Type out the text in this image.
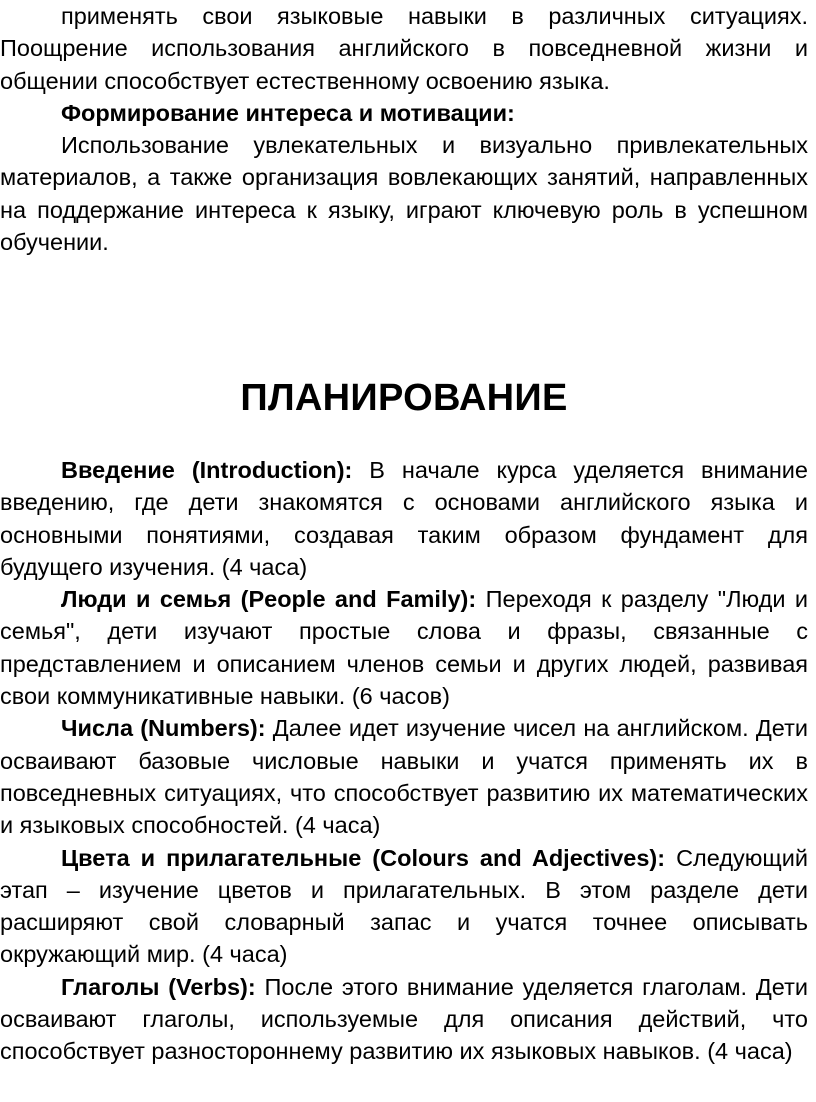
применять свои языковые навыки в различных ситуациях. Поощрение использования английского в повседневной жизни и общении способствует естественному освоению языка.

Формирование интереса и мотивации:

Использование увлекательных и визуально привлекательных материалов, а также организация вовлекающих занятий, направленных на поддержание интереса к языку, играют ключевую роль в успешном обучении.

ПЛАНИРОВАНИЕ

Введение (Introduction): В начале курса уделяется внимание введению, где дети знакомятся с основами английского языка и основными понятиями, создавая таким образом фундамент для будущего изучения. (4 часа)

Люди и семья (People and Family): Переходя к разделу "Люди и семья", дети изучают простые слова и фразы, связанные с представлением и описанием членов семьи и других людей, развивая свои коммуникативные навыки. (6 часов)

Числа (Numbers): Далее идет изучение чисел на английском. Дети осваивают базовые числовые навыки и учатся применять их в повседневных ситуациях, что способствует развитию их математических и языковых способностей. (4 часа)

Цвета и прилагательные (Colours and Adjectives): Следующий этап – изучение цветов и прилагательных. В этом разделе дети расширяют свой словарный запас и учатся точнее описывать окружающий мир. (4 часа)

Глаголы (Verbs): После этого внимание уделяется глаголам. Дети осваивают глаголы, используемые для описания действий, что способствует разностороннему развитию их языковых навыков. (4 часа)
